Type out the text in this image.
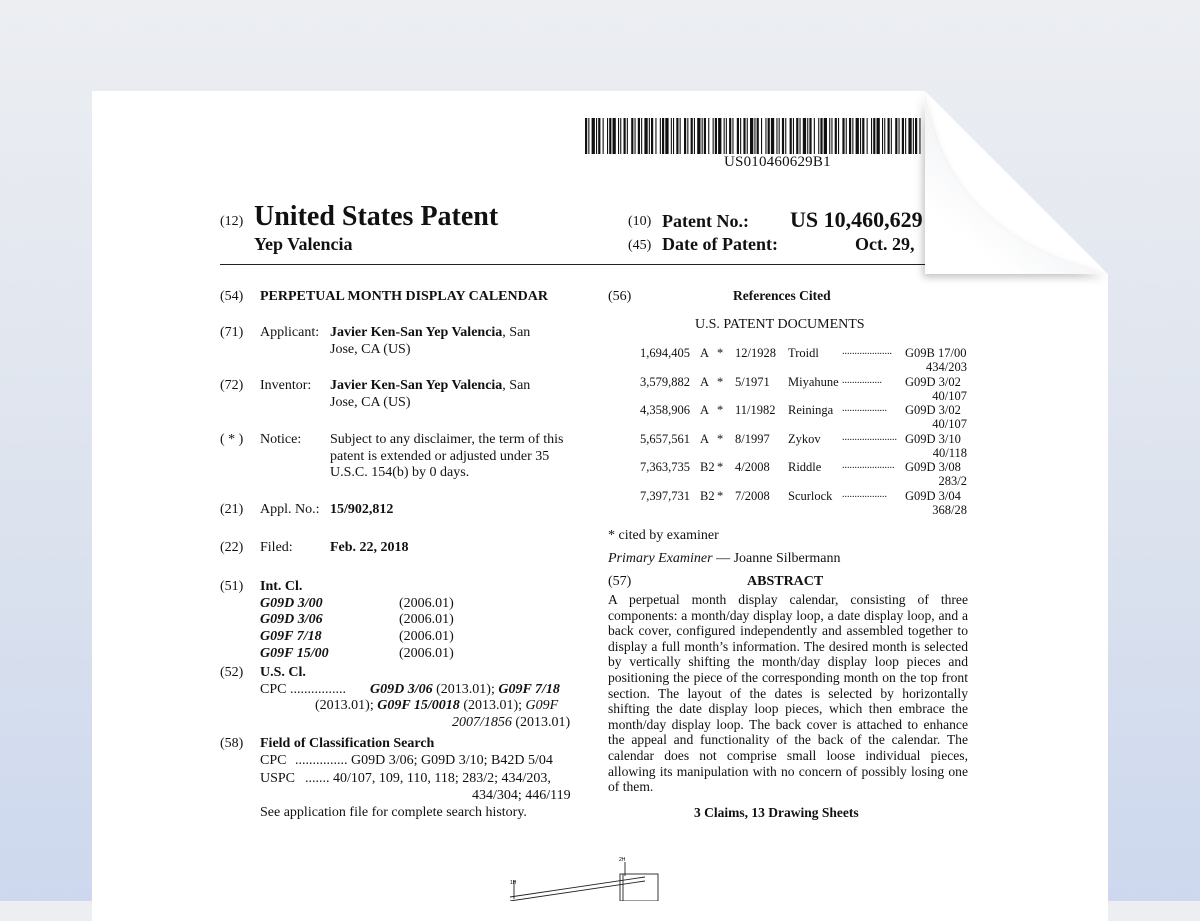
US010460629B1
(12) United States Patent
Yep Valencia
(10) Patent No.: US 10,460,629
(45) Date of Patent:	Oct. 29,
(54) PERPETUAL MONTH DISPLAY CALENDAR
(71) Applicant: Javier Ken-San Yep Valencia, San
Jose, CA (US)
(72) Inventor: Javier Ken-San Yep Valencia, San
Jose, CA (US)
( * ) Notice: Subject to any disclaimer, the term of this
patent is extended or adjusted under 35
U.S.C. 154(b) by 0 days.
(21) Appl. No.: 15/902,812
(22) Filed:	Feb. 22, 2018
(51) Int. Cl.
G09D 3/00	(2006.01)
G09D 3/06	(2006.01)
G09F 7/18	(2006.01)
G09F 15/00	(2006.01)
(52) U.S. Cl.
CPC ................ G09D 3/06 (2013.01); G09F 7/18
(2013.01); G09F 15/0018 (2013.01); G09F
2007/1856 (2013.01)
(58) Field of Classification Search
CPC ............... G09D 3/06; G09D 3/10; B42D 5/04
USPC ....... 40/107, 109, 110, 118; 283/2; 434/203,
434/304; 446/119
See application file for complete search history.
(56)	References Cited
U.S. PATENT DOCUMENTS
1,694,405 A * 12/1928 Troidl .................... G09B 17/00
434/203
3,579,882 A * 5/1971 Miyahune ................ G09D 3/02
40/107
4,358,906 A * 11/1982 Reininga .................. G09D 3/02
40/107
5,657,561 A * 8/1997 Zykov ...................... G09D 3/10
40/118
7,363,735 B2 * 4/2008 Riddle ..................... G09D 3/08
283/2
7,397,731 B2 * 7/2008 Scurlock .................. G09D 3/04
368/28
* cited by examiner
Primary Examiner — Joanne Silbermann
(57)	ABSTRACT
A perpetual month display calendar, consisting of three components: a month/day display loop, a date display loop, and a back cover, configured independently and assembled together to display a full month’s information. The desired month is selected by vertically shifting the month/day display loop pieces and positioning the piece of the corresponding month on the top front section. The layout of the dates is selected by horizontally shifting the date display loop pieces, which then embrace the month/day display loop. The back cover is attached to enhance the appeal and functionality of the back of the calendar. The calendar does not comprise small loose individual pieces, allowing its manipulation with no concern of possibly losing one of them.
3 Claims, 13 Drawing Sheets
2H
1H
